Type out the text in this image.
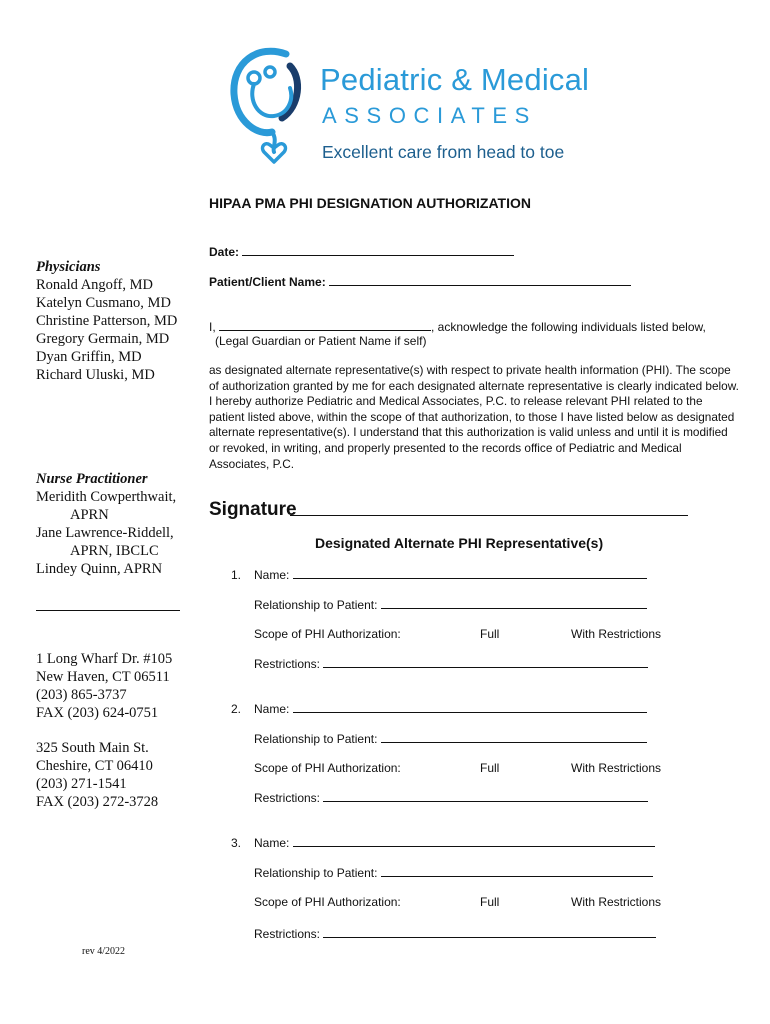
Pediatric & Medical
ASSOCIATES
Excellent care from head to toe
HIPAA PMA PHI DESIGNATION AUTHORIZATION
Physicians
Ronald Angoff, MD
Katelyn Cusmano, MD
Christine Patterson, MD
Gregory Germain, MD
Dyan Griffin, MD
Richard Uluski, MD
Nurse Practitioner
Meridith Cowperthwait,
APRN
Jane Lawrence-Riddell,
APRN, IBCLC
Lindey Quinn, APRN
1 Long Wharf Dr. #105
New Haven, CT 06511
(203) 865-3737
FAX (203) 624-0751
325 South Main St.
Cheshire, CT 06410
(203) 271-1541
FAX (203) 272-3728
rev 4/2022
Date:
Patient/Client Name:
I,	, acknowledge the following individuals listed below,
(Legal Guardian or Patient Name if self)
as designated alternate representative(s) with respect to private health information (PHI). The scope of authorization granted by me for each designated alternate representative is clearly indicated below. I hereby authorize Pediatric and Medical Associates, P.C. to release relevant PHI related to the patient listed above, within the scope of that authorization, to those I have listed below as designated alternate representative(s). I understand that this authorization is valid unless and until it is modified or revoked, in writing, and properly presented to the records office of Pediatric and Medical Associates, P.C.
Signature
Designated Alternate PHI Representative(s)
1. Name:
Relationship to Patient:
Scope of PHI Authorization:	Full	With Restrictions
Restrictions:
2. Name:
Relationship to Patient:
Scope of PHI Authorization:	Full	With Restrictions
Restrictions:
3. Name:
Relationship to Patient:
Scope of PHI Authorization:	Full	With Restrictions
Restrictions:
